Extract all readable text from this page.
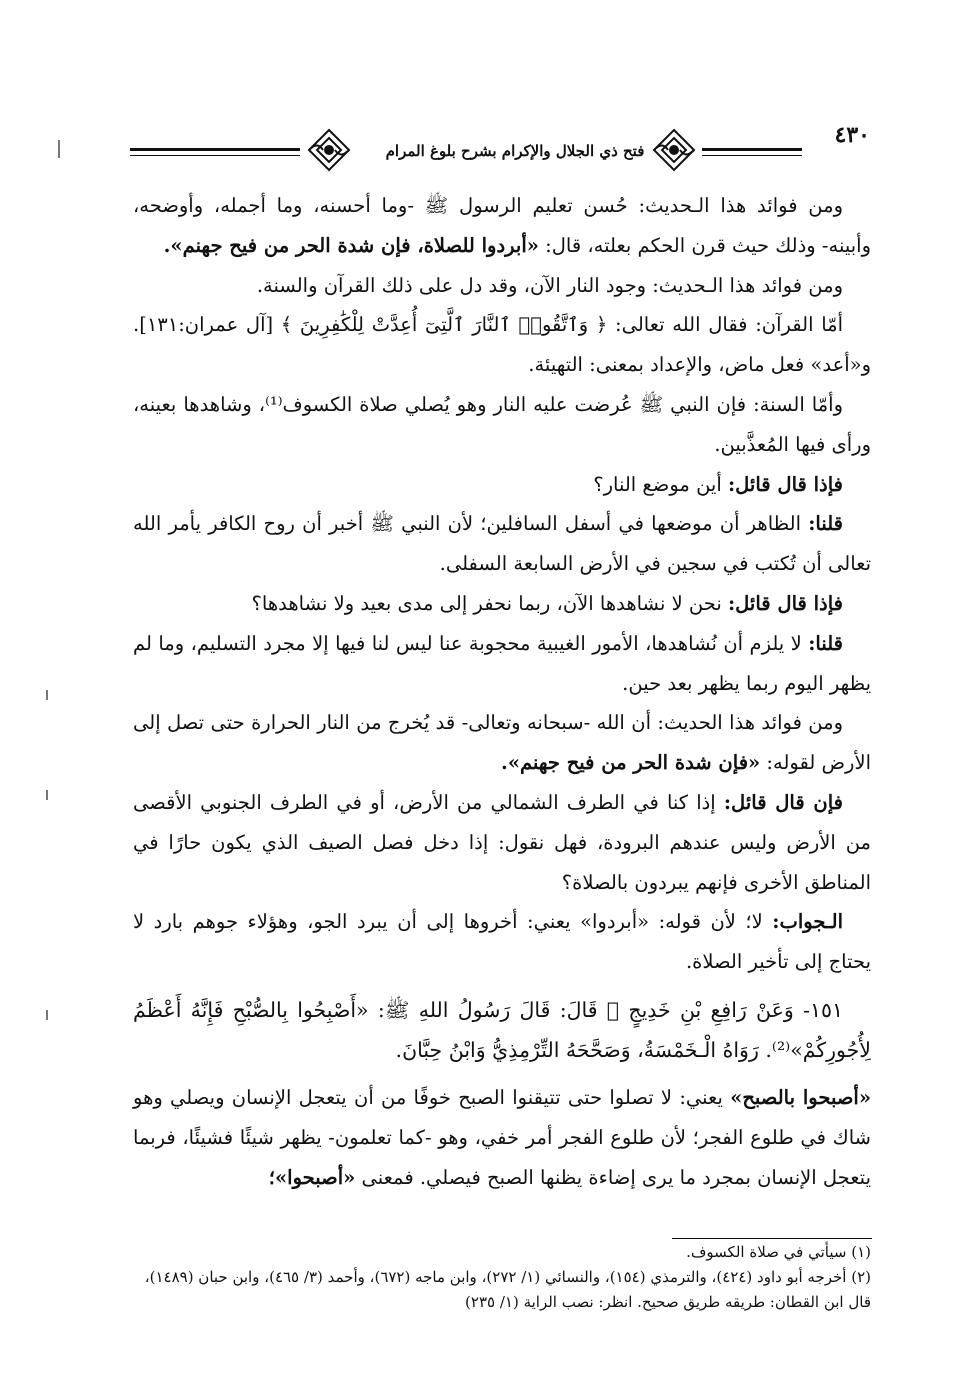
فتح ذي الجلال والإكرام بشرح بلوغ المرام
٤٣٠

ومن فوائد هذا الـحديث: حُسن تعليم الرسول ﷺ -وما أحسنه، وما أجمله، وأوضحه، وأبينه- وذلك حيث قرن الحكم بعلته، قال: «أبردوا للصلاة، فإن شدة الحر من فيح جهنم».

ومن فوائد هذا الـحديث: وجود النار الآن، وقد دل على ذلك القرآن والسنة.

أمّا القرآن: فقال الله تعالى: ﴿ وَٱتَّقُوا۟ ٱلنَّارَ ٱلَّتِىٓ أُعِدَّتْ لِلْكَٰفِرِينَ ﴾ [آل عمران:١٣١]. و«أعد» فعل ماض، والإعداد بمعنى: التهيئة.

وأمّا السنة: فإن النبي ﷺ عُرضت عليه النار وهو يُصلي صلاة الكسوف⁽¹⁾، وشاهدها بعينه، ورأى فيها المُعذَّبين.

فإذا قال قائل: أين موضع النار؟

قلنا: الظاهر أن موضعها في أسفل السافلين؛ لأن النبي ﷺ أخبر أن روح الكافر يأمر الله تعالى أن تُكتب في سجين في الأرض السابعة السفلى.

فإذا قال قائل: نحن لا نشاهدها الآن، ربما نحفر إلى مدى بعيد ولا نشاهدها؟

قلنا: لا يلزم أن نُشاهدها، الأمور الغيبية محجوبة عنا ليس لنا فيها إلا مجرد التسليم، وما لم يظهر اليوم ربما يظهر بعد حين.

ومن فوائد هذا الحديث: أن الله -سبحانه وتعالى- قد يُخرج من النار الحرارة حتى تصل إلى الأرض لقوله: «فإن شدة الحر من فيح جهنم».

فإن قال قائل: إذا كنا في الطرف الشمالي من الأرض، أو في الطرف الجنوبي الأقصى من الأرض وليس عندهم البرودة، فهل نقول: إذا دخل فصل الصيف الذي يكون حارًا في المناطق الأخرى فإنهم يبردون بالصلاة؟

الـجواب: لا؛ لأن قوله: «أبردوا» يعني: أخروها إلى أن يبرد الجو، وهؤلاء جوهم بارد لا يحتاج إلى تأخير الصلاة.

١٥١- وَعَنْ رَافِعِ بْنِ خَدِيجٍ ﷛ قَالَ: قَالَ رَسُولُ اللهِ ﷺ: «أَصْبِحُوا بِالصُّبْحِ فَإِنَّهُ أَعْظَمُ لِأُجُورِكُمْ»⁽²⁾. رَوَاهُ الْـخَمْسَةُ، وَصَحَّحَهُ التِّرْمِذِيُّ وَابْنُ حِبَّانَ.

«أصبحوا بالصبح» يعني: لا تصلوا حتى تتيقنوا الصبح خوفًا من أن يتعجل الإنسان ويصلي وهو شاك في طلوع الفجر؛ لأن طلوع الفجر أمر خفي، وهو -كما تعلمون- يظهر شيئًا فشيئًا، فربما يتعجل الإنسان بمجرد ما يرى إضاءة يظنها الصبح فيصلي. فمعنى «أصبحوا»؛

(١) سيأتي في صلاة الكسوف.

(٢) أخرجه أبو داود (٤٢٤)، والترمذي (١٥٤)، والنسائي (١/ ٢٧٢)، وابن ماجه (٦٧٢)، وأحمد (٣/ ٤٦٥)، وابن حبان (١٤٨٩)، قال ابن القطان: طريقه طريق صحيح. انظر: نصب الراية (١/ ٢٣٥)
